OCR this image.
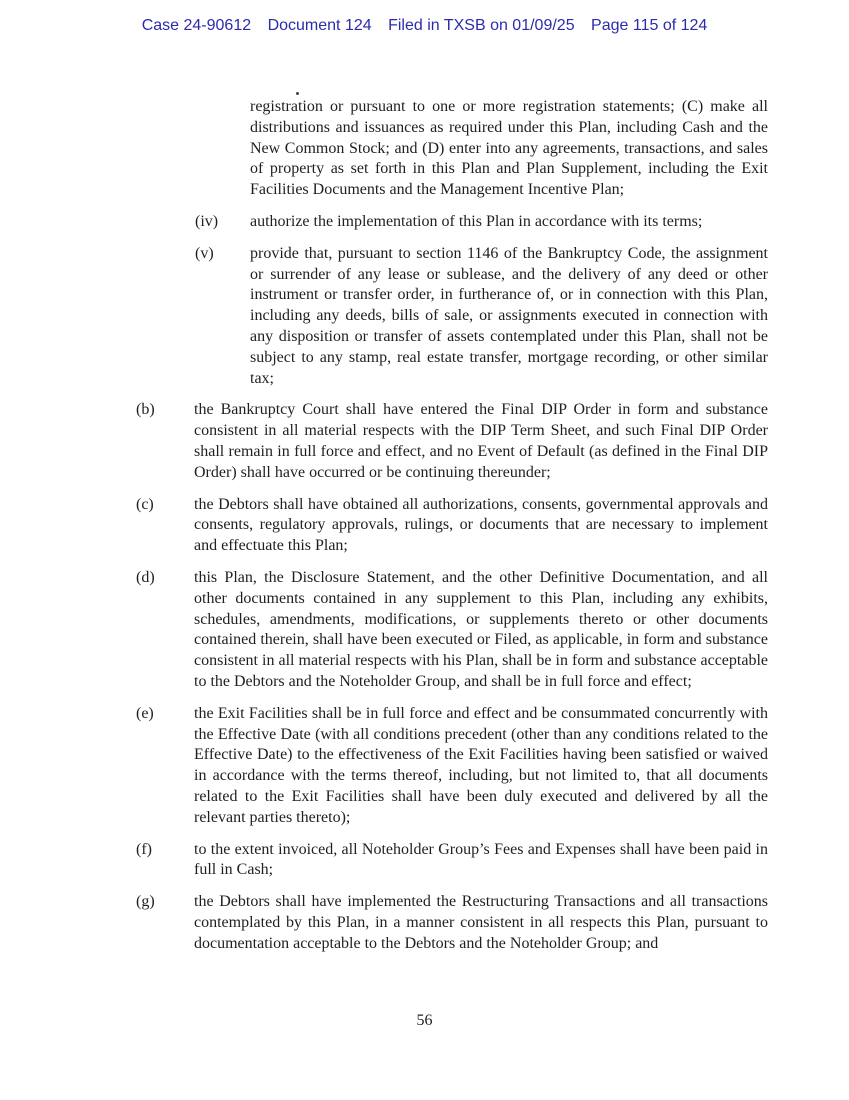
Case 24-90612 Document 124 Filed in TXSB on 01/09/25 Page 115 of 124

registration or pursuant to one or more registration statements; (C) make all distributions and issuances as required under this Plan, including Cash and the New Common Stock; and (D) enter into any agreements, transactions, and sales of property as set forth in this Plan and Plan Supplement, including the Exit Facilities Documents and the Management Incentive Plan;

(iv)	authorize the implementation of this Plan in accordance with its terms;

(v)	provide that, pursuant to section 1146 of the Bankruptcy Code, the assignment or surrender of any lease or sublease, and the delivery of any deed or other instrument or transfer order, in furtherance of, or in connection with this Plan, including any deeds, bills of sale, or assignments executed in connection with any disposition or transfer of assets contemplated under this Plan, shall not be subject to any stamp, real estate transfer, mortgage recording, or other similar tax;

(b)	the Bankruptcy Court shall have entered the Final DIP Order in form and substance consistent in all material respects with the DIP Term Sheet, and such Final DIP Order shall remain in full force and effect, and no Event of Default (as defined in the Final DIP Order) shall have occurred or be continuing thereunder;

(c)	the Debtors shall have obtained all authorizations, consents, governmental approvals and consents, regulatory approvals, rulings, or documents that are necessary to implement and effectuate this Plan;

(d)	this Plan, the Disclosure Statement, and the other Definitive Documentation, and all other documents contained in any supplement to this Plan, including any exhibits, schedules, amendments, modifications, or supplements thereto or other documents contained therein, shall have been executed or Filed, as applicable, in form and substance consistent in all material respects with his Plan, shall be in form and substance acceptable to the Debtors and the Noteholder Group, and shall be in full force and effect;

(e)	the Exit Facilities shall be in full force and effect and be consummated concurrently with the Effective Date (with all conditions precedent (other than any conditions related to the Effective Date) to the effectiveness of the Exit Facilities having been satisfied or waived in accordance with the terms thereof, including, but not limited to, that all documents related to the Exit Facilities shall have been duly executed and delivered by all the relevant parties thereto);

(f)	to the extent invoiced, all Noteholder Group’s Fees and Expenses shall have been paid in full in Cash;

(g)	the Debtors shall have implemented the Restructuring Transactions and all transactions contemplated by this Plan, in a manner consistent in all respects this Plan, pursuant to documentation acceptable to the Debtors and the Noteholder Group; and

56
